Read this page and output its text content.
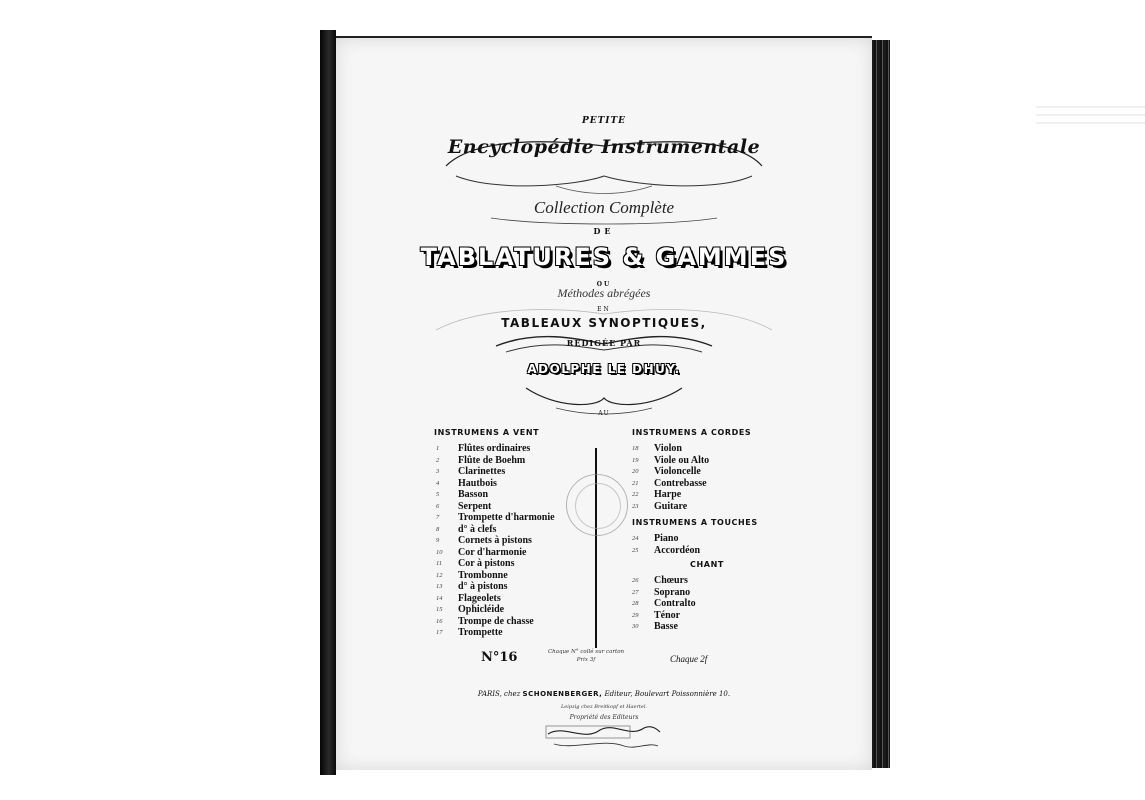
PETITE
Encyclopédie Instrumentale
Collection Complète
DE
TABLATURES & GAMMES
OU
Méthodes abrégées
EN
TABLEAUX SYNOPTIQUES,
REDIGÉE PAR
ADOLPHE LE DHUY.
AU
INSTRUMENS A VENT
1	Flûtes ordinaires
2	Flûte de Boehm
3	Clarinettes
4	Hautbois
5	Basson
6	Serpent
7	Trompette d'harmonie
8	d° à clefs
9	Cornets à pistons
10	Cor d'harmonie
11	Cor à pistons
12	Trombonne
13	d° à pistons
14	Flageolets
15	Ophicléide
16	Trompe de chasse
17	Trompette
INSTRUMENS A CORDES
18	Violon
19	Viole ou Alto
20	Violoncelle
21	Contrebasse
22	Harpe
23	Guitare
INSTRUMENS A TOUCHES
24	Piano
25	Accordéon
CHANT
26	Chœurs
27	Soprano
28	Contralto
29	Ténor
30	Basse
N°16	Chaque N° collé sur carton
Prix 3f	Chaque 2f
PARIS, chez SCHONENBERGER, Editeur, Boulevart Poissonnière 10.
Leipzig chez Breitkopf et Haertel.
Propriété des Editeurs
